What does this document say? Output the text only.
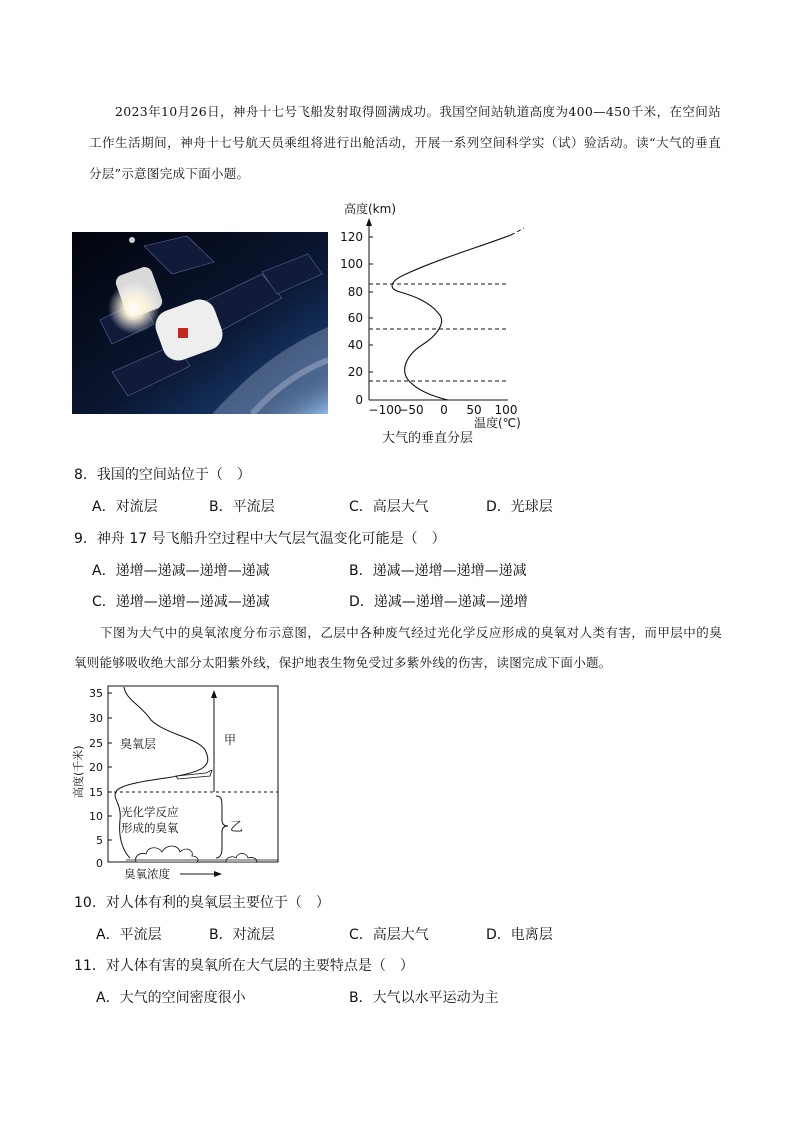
2023年10月26日，神舟十七号飞船发射取得圆满成功。我国空间站轨道高度为400—450千米，在空间站工作生活期间，神舟十七号航天员乘组将进行出舱活动，开展一系列空间科学实（试）验活动。读“大气的垂直分层”示意图完成下面小题。
高度(km)
120
100
80
60
40
20
0
−100
−50 0 50 100
温度(℃)
大气的垂直分层
8．我国的空间站位于（　）
A．对流层	B．平流层	C．高层大气	D．光球层
9．神舟 17 号飞船升空过程中大气层气温变化可能是（　）
A．递增—递减—递增—递减	B．递减—递增—递增—递减
C．递增—递增—递减—递减	D．递减—递增—递减—递增
下图为大气中的臭氧浓度分布示意图，乙层中各种废气经过光化学反应形成的臭氧对人类有害，而甲层中的臭氧则能够吸收绝大部分太阳紫外线，保护地表生物免受过多紫外线的伤害，读图完成下面小题。
35
30
25
20
15
10
5
0
高度(千米)
甲
乙
臭氧层
光化学反应
形成的臭氧
臭氧浓度
10．对人体有利的臭氧层主要位于（　）
A．平流层	B．对流层	C．高层大气	D．电离层
11．对人体有害的臭氧所在大气层的主要特点是（　）
A．大气的空间密度很小	B．大气以水平运动为主
